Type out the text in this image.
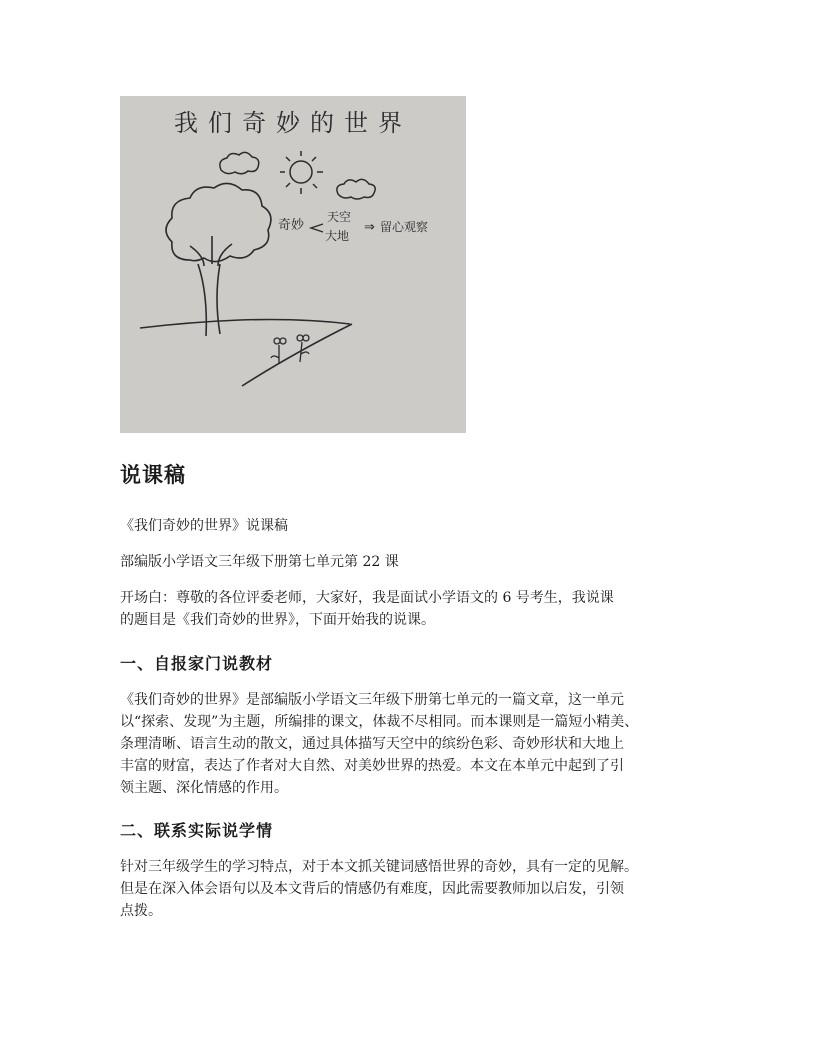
我们奇妙的世界
奇妙
天空
大地
⇒ 留心观察
说课稿

《我们奇妙的世界》说课稿

部编版小学语文三年级下册第七单元第 22 课

开场白：尊敬的各位评委老师，大家好，我是面试小学语文的 6 号考生，我说课
的题目是《我们奇妙的世界》，下面开始我的说课。
一、自报家门说教材
《我们奇妙的世界》是部编版小学语文三年级下册第七单元的一篇文章，这一单元
以“探索、发现”为主题，所编排的课文，体裁不尽相同。而本课则是一篇短小精美、
条理清晰、语言生动的散文，通过具体描写天空中的缤纷色彩、奇妙形状和大地上
丰富的财富，表达了作者对大自然、对美妙世界的热爱。本文在本单元中起到了引
领主题、深化情感的作用。
二、联系实际说学情
针对三年级学生的学习特点，对于本文抓关键词感悟世界的奇妙，具有一定的见解。
但是在深入体会语句以及本文背后的情感仍有难度，因此需要教师加以启发，引领
点拨。
